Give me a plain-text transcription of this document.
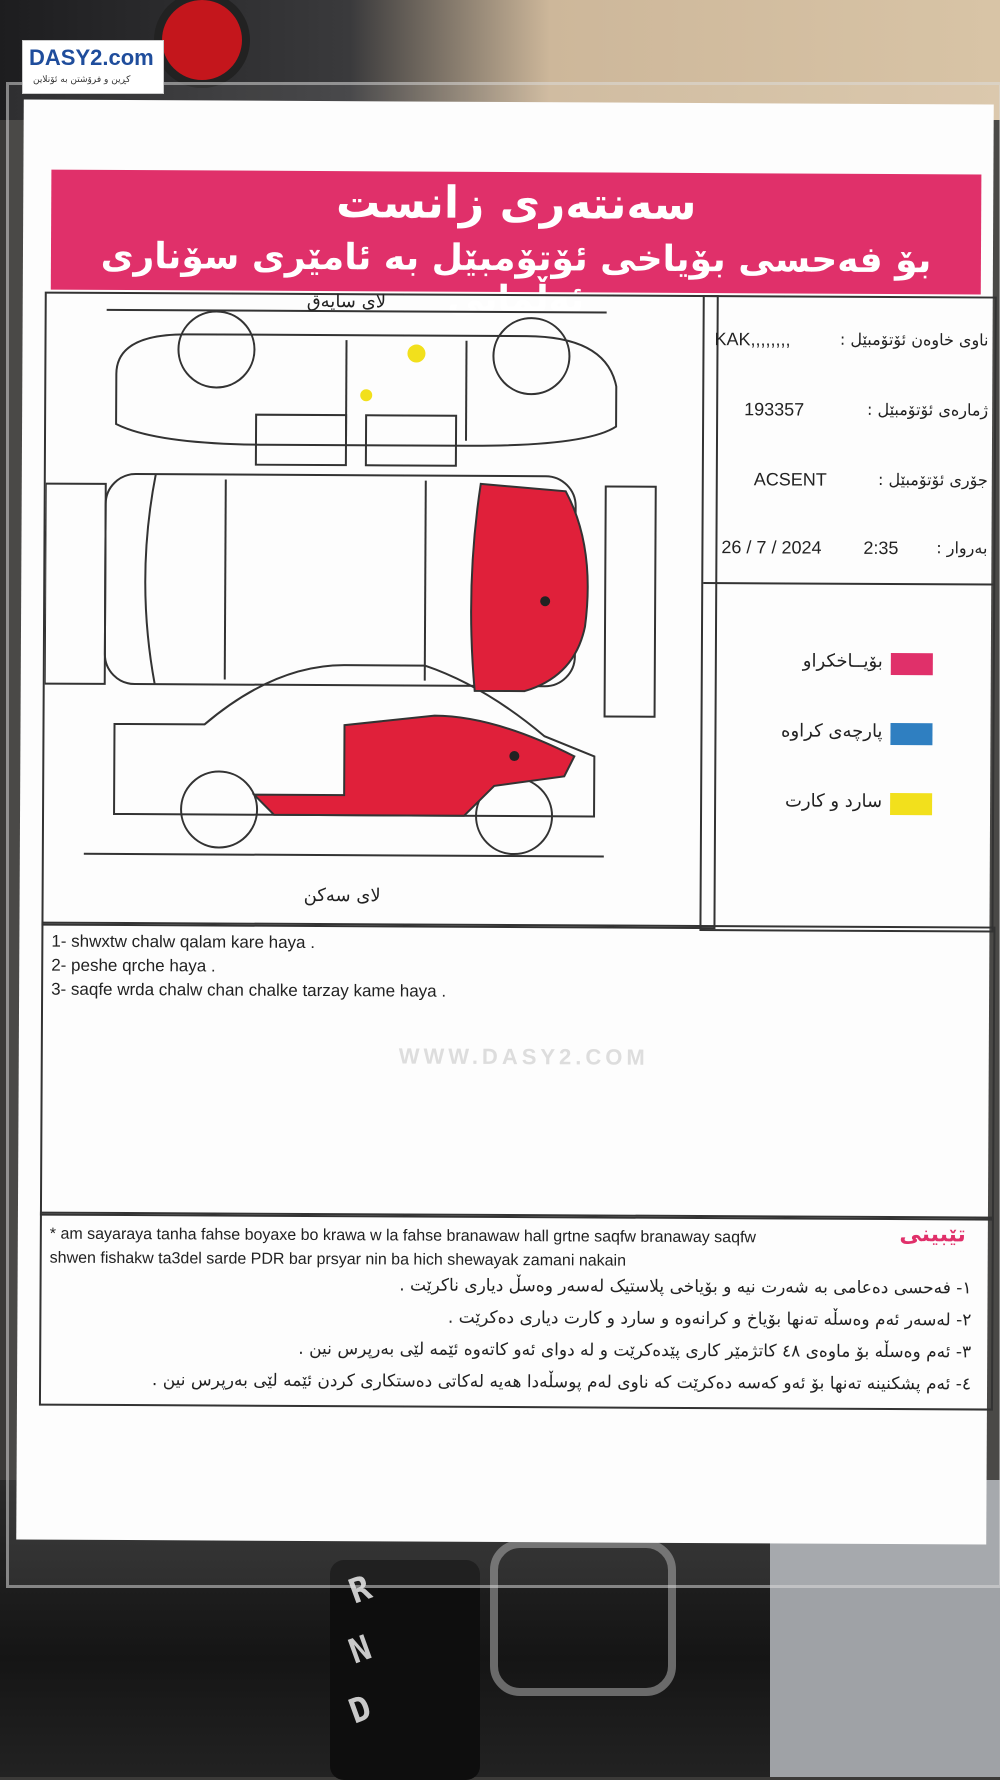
R
N
D
سەنتەری زانست
بۆ فەحسی بۆیاخی ئۆتۆمبێل بە ئامێری سۆناری ئەڵمانی
لای سایەق
لای سەکن
ناوی خاوەن ئۆتۆمبێل :
KAK,,,,,,,,
ژمارەی ئۆتۆمبێل :
193357
جۆری ئۆتۆمبێل :
ACSENT
بەروار :
26 / 7 / 2024 2:35
بۆیــاخکراو
پارچەی کراوە
سارد و کارت
1- shwxtw chalw qalam kare haya .
2- peshe qrche haya .
3- saqfe wrda chalw chan chalke tarzay kame haya .
WWW.DASY2.COM
تێبینی
* am sayaraya tanha fahse boyaxe bo krawa w la fahse branawaw hall grtne saqfw branaway saqfw
shwen fishakw ta3del sarde PDR bar prsyar nin ba hich shewayak zamani nakain
١- فەحسی دەعامی بە شەرت نیە و بۆیاخی پلاستیک لەسەر وەسڵ دیاری ناکرێت .
٢- لەسەر ئەم وەسڵە تەنها بۆیاخ و کرانەوە و سارد و کارت دیاری دەکرێت .
٣- ئەم وەسڵە بۆ ماوەی ٤٨ کاتژمێر کاری پێدەکرێت و لە دوای ئەو کاتەوە ئێمە لێی بەرپرس نین .
٤- ئەم پشکنینە تەنها بۆ ئەو کەسە دەکرێت کە ناوی لەم پوسڵەدا هەیە لەکاتی دەستکاری کردن ئێمە لێی بەرپرس نین .
DASY2.com
کڕین و فرۆشتن بە ئۆنلاین
